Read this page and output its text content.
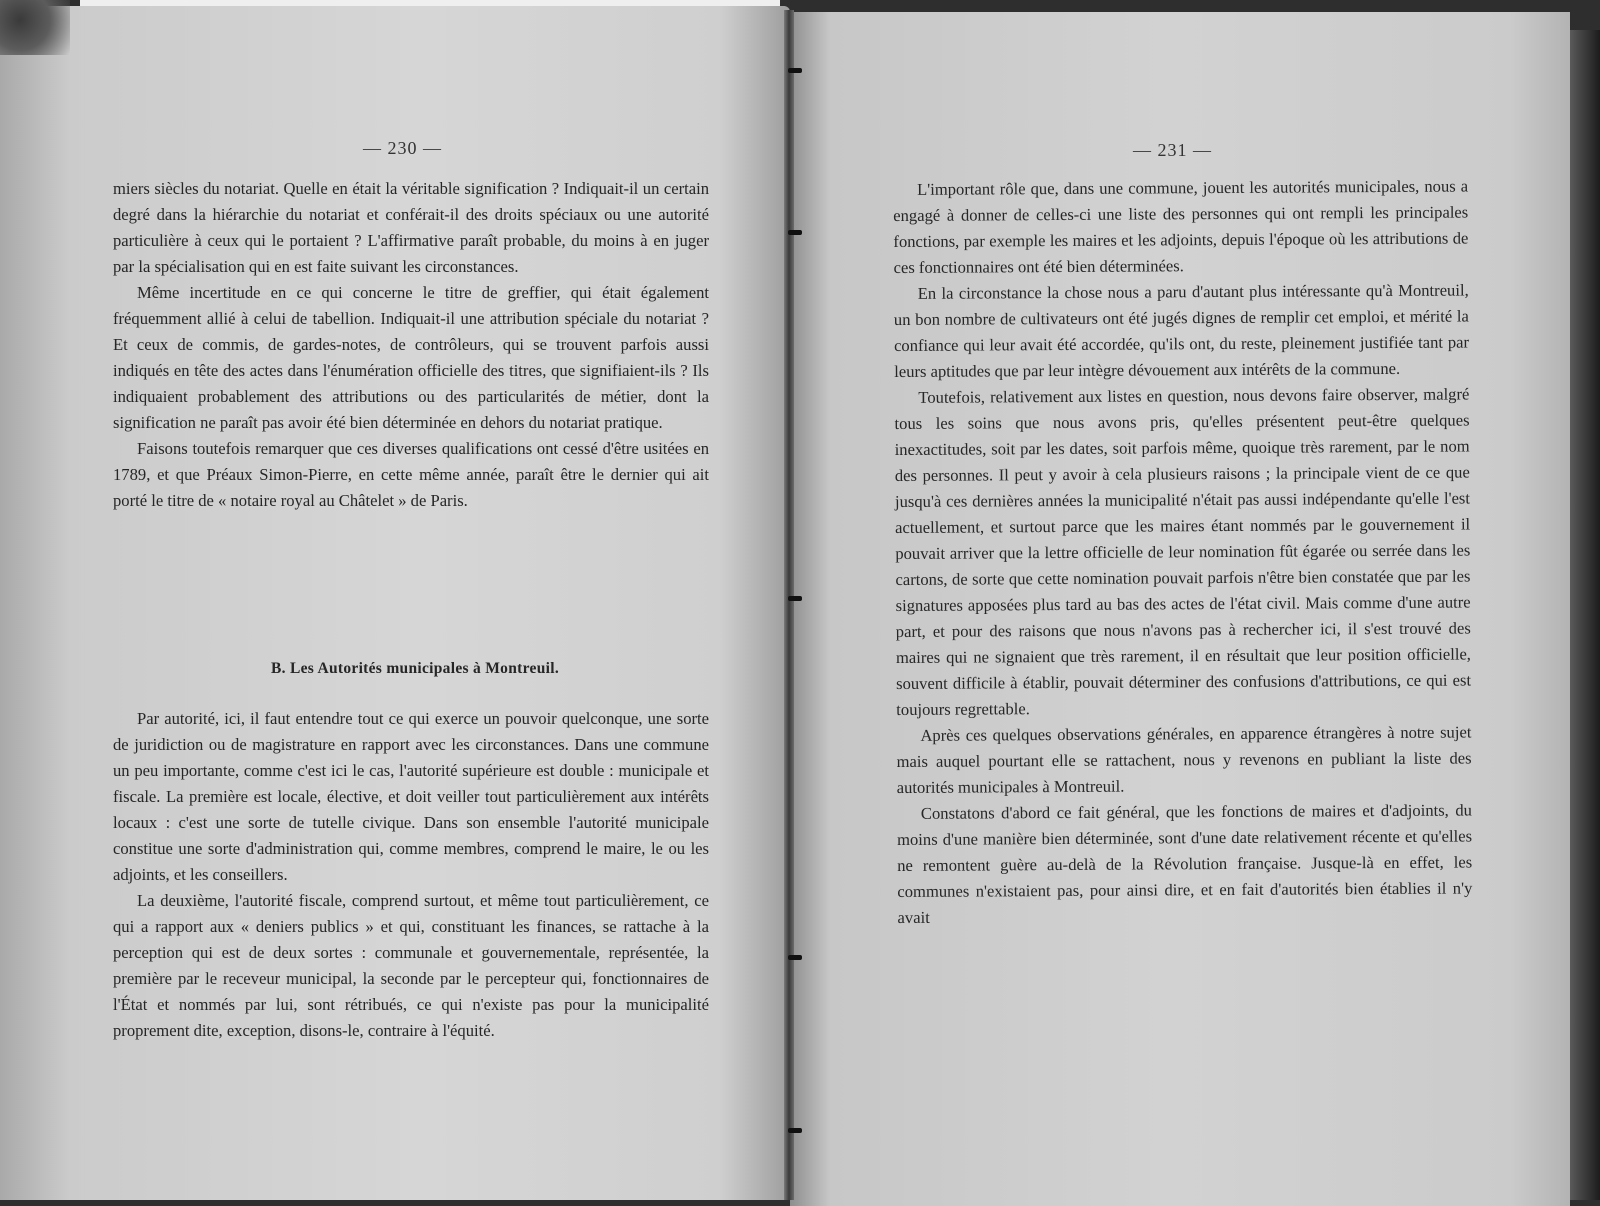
— 230 —

miers siècles du notariat. Quelle en était la véritable signification ? Indiquait-il un certain degré dans la hiérarchie du notariat et conférait-il des droits spéciaux ou une autorité particulière à ceux qui le portaient ? L'affirmative paraît probable, du moins à en juger par la spécialisation qui en est faite suivant les circonstances.

Même incertitude en ce qui concerne le titre de greffier, qui était également fréquemment allié à celui de tabellion. Indiquait-il une attribution spéciale du notariat ? Et ceux de commis, de gardes-notes, de contrôleurs, qui se trouvent parfois aussi indiqués en tête des actes dans l'énumération officielle des titres, que signifiaient-ils ? Ils indiquaient probablement des attributions ou des particularités de métier, dont la signification ne paraît pas avoir été bien déterminée en dehors du notariat pratique.

Faisons toutefois remarquer que ces diverses qualifications ont cessé d'être usitées en 1789, et que Préaux Simon-Pierre, en cette même année, paraît être le dernier qui ait porté le titre de « notaire royal au Châtelet » de Paris.

B. Les Autorités municipales à Montreuil.

Par autorité, ici, il faut entendre tout ce qui exerce un pouvoir quelconque, une sorte de juridiction ou de magistrature en rapport avec les circonstances. Dans une commune un peu importante, comme c'est ici le cas, l'autorité supérieure est double : municipale et fiscale. La première est locale, élective, et doit veiller tout particulièrement aux intérêts locaux : c'est une sorte de tutelle civique. Dans son ensemble l'autorité municipale constitue une sorte d'administration qui, comme membres, comprend le maire, le ou les adjoints, et les conseillers.

La deuxième, l'autorité fiscale, comprend surtout, et même tout particulièrement, ce qui a rapport aux « deniers publics » et qui, constituant les finances, se rattache à la perception qui est de deux sortes : communale et gouvernementale, représentée, la première par le receveur municipal, la seconde par le percepteur qui, fonctionnaires de l'État et nommés par lui, sont rétribués, ce qui n'existe pas pour la municipalité proprement dite, exception, disons-le, contraire à l'équité.

— 231 —

L'important rôle que, dans une commune, jouent les autorités municipales, nous a engagé à donner de celles-ci une liste des personnes qui ont rempli les principales fonctions, par exemple les maires et les adjoints, depuis l'époque où les attributions de ces fonctionnaires ont été bien déterminées.

En la circonstance la chose nous a paru d'autant plus intéressante qu'à Montreuil, un bon nombre de cultivateurs ont été jugés dignes de remplir cet emploi, et mérité la confiance qui leur avait été accordée, qu'ils ont, du reste, pleinement justifiée tant par leurs aptitudes que par leur intègre dévouement aux intérêts de la commune.

Toutefois, relativement aux listes en question, nous devons faire observer, malgré tous les soins que nous avons pris, qu'elles présentent peut-être quelques inexactitudes, soit par les dates, soit parfois même, quoique très rarement, par le nom des personnes. Il peut y avoir à cela plusieurs raisons ; la principale vient de ce que jusqu'à ces dernières années la municipalité n'était pas aussi indépendante qu'elle l'est actuellement, et surtout parce que les maires étant nommés par le gouvernement il pouvait arriver que la lettre officielle de leur nomination fût égarée ou serrée dans les cartons, de sorte que cette nomination pouvait parfois n'être bien constatée que par les signatures apposées plus tard au bas des actes de l'état civil. Mais comme d'une autre part, et pour des raisons que nous n'avons pas à rechercher ici, il s'est trouvé des maires qui ne signaient que très rarement, il en résultait que leur position officielle, souvent difficile à établir, pouvait déterminer des confusions d'attributions, ce qui est toujours regrettable.

Après ces quelques observations générales, en apparence étrangères à notre sujet mais auquel pourtant elle se rattachent, nous y revenons en publiant la liste des autorités municipales à Montreuil.

Constatons d'abord ce fait général, que les fonctions de maires et d'adjoints, du moins d'une manière bien déterminée, sont d'une date relativement récente et qu'elles ne remontent guère au-delà de la Révolution française. Jusque-là en effet, les communes n'existaient pas, pour ainsi dire, et en fait d'autorités bien établies il n'y avait
